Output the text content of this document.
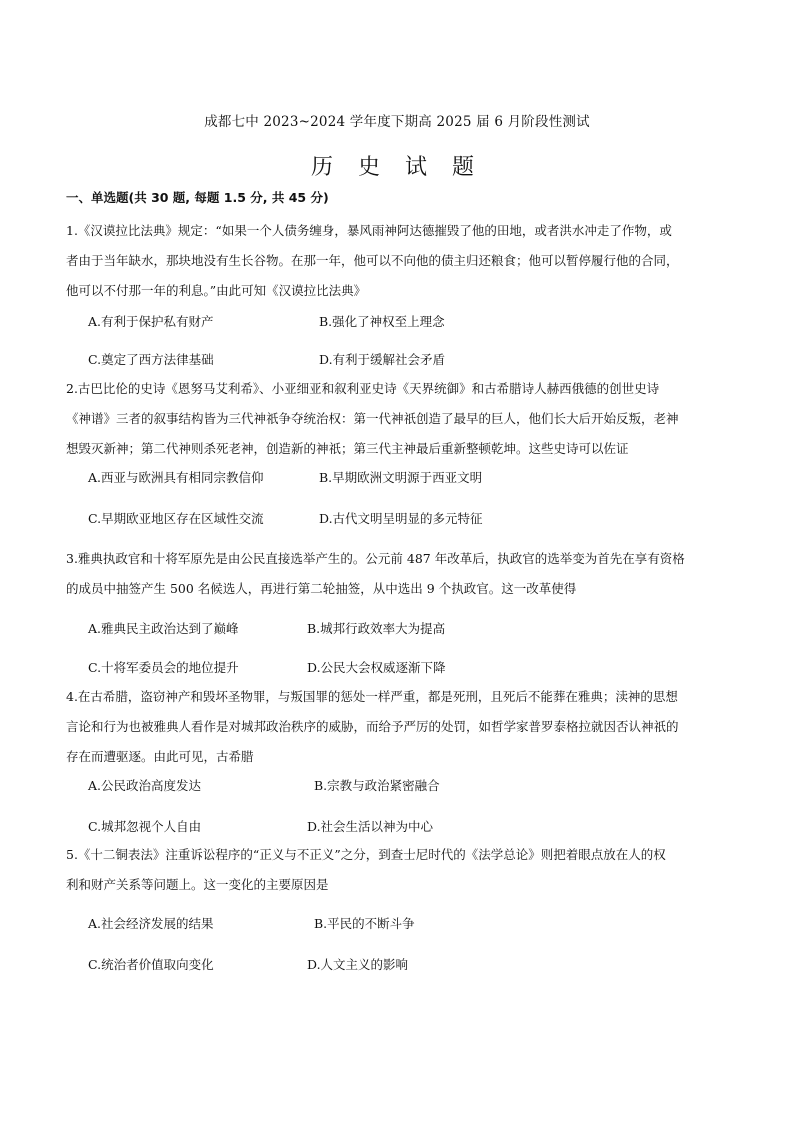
成都七中 2023~2024 学年度下期高 2025 届 6 月阶段性测试
历 史 试 题
一、单选题(共 30 题, 每题 1.5 分, 共 45 分)
1.《汉谟拉比法典》规定：“如果一个人债务缠身，暴风雨神阿达德摧毁了他的田地，或者洪水冲走了作物，或
者由于当年缺水，那块地没有生长谷物。在那一年，他可以不向他的债主归还粮食；他可以暂停履行他的合同，
他可以不付那一年的利息。”由此可知《汉谟拉比法典》
A.有利于保护私有财产	B.强化了神权至上理念
C.奠定了西方法律基础	D.有利于缓解社会矛盾
2.古巴比伦的史诗《恩努马艾利希》、小亚细亚和叙利亚史诗《天界统御》和古希腊诗人赫西俄德的创世史诗
《神谱》三者的叙事结构皆为三代神祇争夺统治权：第一代神祇创造了最早的巨人，他们长大后开始反叛，老神
想毁灭新神；第二代神则杀死老神，创造新的神祇；第三代主神最后重新整顿乾坤。这些史诗可以佐证
A.西亚与欧洲具有相同宗教信仰	B.早期欧洲文明源于西亚文明
C.早期欧亚地区存在区域性交流	D.古代文明呈明显的多元特征
3.雅典执政官和十将军原先是由公民直接选举产生的。公元前 487 年改革后，执政官的选举变为首先在享有资格
的成员中抽签产生 500 名候选人，再进行第二轮抽签，从中选出 9 个执政官。这一改革使得
A.雅典民主政治达到了巅峰	B.城邦行政效率大为提高
C.十将军委员会的地位提升	D.公民大会权威逐渐下降
4.在古希腊，盗窃神产和毁坏圣物罪，与叛国罪的惩处一样严重，都是死刑，且死后不能葬在雅典；渎神的思想
言论和行为也被雅典人看作是对城邦政治秩序的威胁，而给予严厉的处罚，如哲学家普罗泰格拉就因否认神祇的
存在而遭驱逐。由此可见，古希腊
A.公民政治高度发达	B.宗教与政治紧密融合
C.城邦忽视个人自由	D.社会生活以神为中心
5.《十二铜表法》注重诉讼程序的“正义与不正义”之分，到查士尼时代的《法学总论》则把着眼点放在人的权
利和财产关系等问题上。这一变化的主要原因是
A.社会经济发展的结果	B.平民的不断斗争
C.统治者价值取向变化	D.人文主义的影响
